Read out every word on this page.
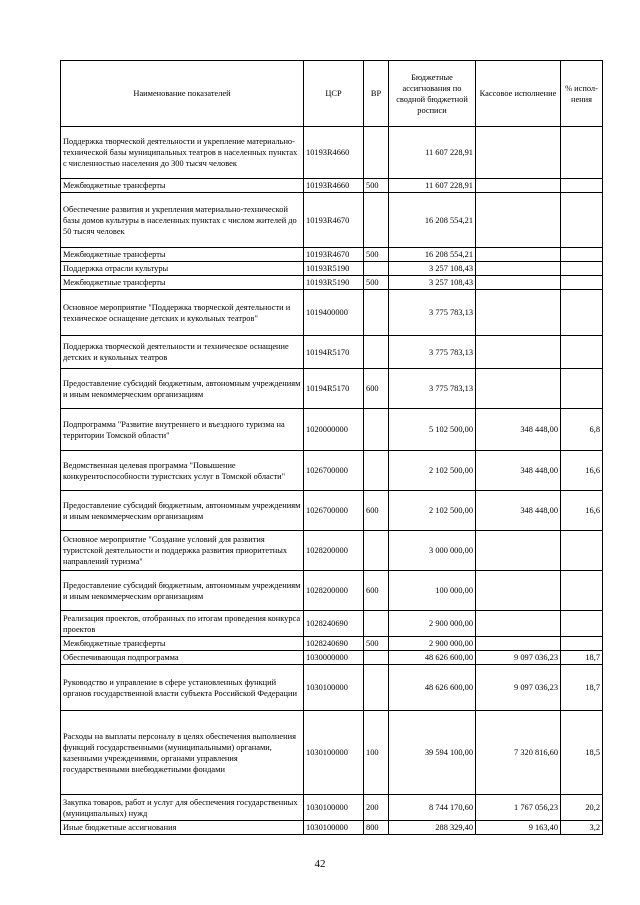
Наименование показателей	ЦСР	ВР	Бюджетные ассигнования по сводной бюджетной росписи	Кассовое исполнение	% испол-нения
Поддержка творческой деятельности и укрепление материально-технической базы муниципальных театров в населенных пунктах с численностью населения до 300 тысяч человек	10193R4660		11 607 228,91		
Межбюджетные трансферты	10193R4660	500	11 607 228,91		
Обеспечение развития и укрепления материально-технической базы домов культуры в населенных пунктах с числом жителей до 50 тысяч человек	10193R4670		16 208 554,21		
Межбюджетные трансферты	10193R4670	500	16 208 554,21		
Поддержка отрасли культуры	10193R5190		3 257 108,43		
Межбюджетные трансферты	10193R5190	500	3 257 108,43		
Основное мероприятие "Поддержка творческой деятельности и техническое оснащение детских и кукольных театров"	1019400000		3 775 783,13		
Поддержка творческой деятельности и техническое оснащение детских и кукольных театров	10194R5170		3 775 783,13		
Предоставление субсидий бюджетным, автономным учреждениям и иным некоммерческим организациям	10194R5170	600	3 775 783,13		
Подпрограмма "Развитие внутреннего и въездного туризма на территории Томской области"	1020000000		5 102 500,00	348 448,00	6,8
Ведомственная целевая программа "Повышение конкурентоспособности туристских услуг в Томской области"	1026700000		2 102 500,00	348 448,00	16,6
Предоставление субсидий бюджетным, автономным учреждениям и иным некоммерческим организациям	1026700000	600	2 102 500,00	348 448,00	16,6
Основное мероприятие "Создание условий для развития туристской деятельности и поддержка развития приоритетных направлений туризма"	1028200000		3 000 000,00		
Предоставление субсидий бюджетным, автономным учреждениям и иным некоммерческим организациям	1028200000	600	100 000,00		
Реализация проектов, отобранных по итогам проведения конкурса проектов	1028240690		2 900 000,00		
Межбюджетные трансферты	1028240690	500	2 900 000,00		
Обеспечивающая подпрограмма	1030000000		48 626 600,00	9 097 036,23	18,7
Руководство и управление в сфере установленных функций органов государственной власти субъекта Российской Федерации	1030100000		48 626 600,00	9 097 036,23	18,7
Расходы на выплаты персоналу в целях обеспечения выполнения функций государственными (муниципальными) органами, казенными учреждениями, органами управления государственными внебюджетными фондами	1030100000	100	39 594 100,00	7 320 816,60	18,5
Закупка товаров, работ и услуг для обеспечения государственных (муниципальных) нужд	1030100000	200	8 744 170,60	1 767 056,23	20,2
Иные бюджетные ассигнования	1030100000	800	288 329,40	9 163,40	3,2
42
